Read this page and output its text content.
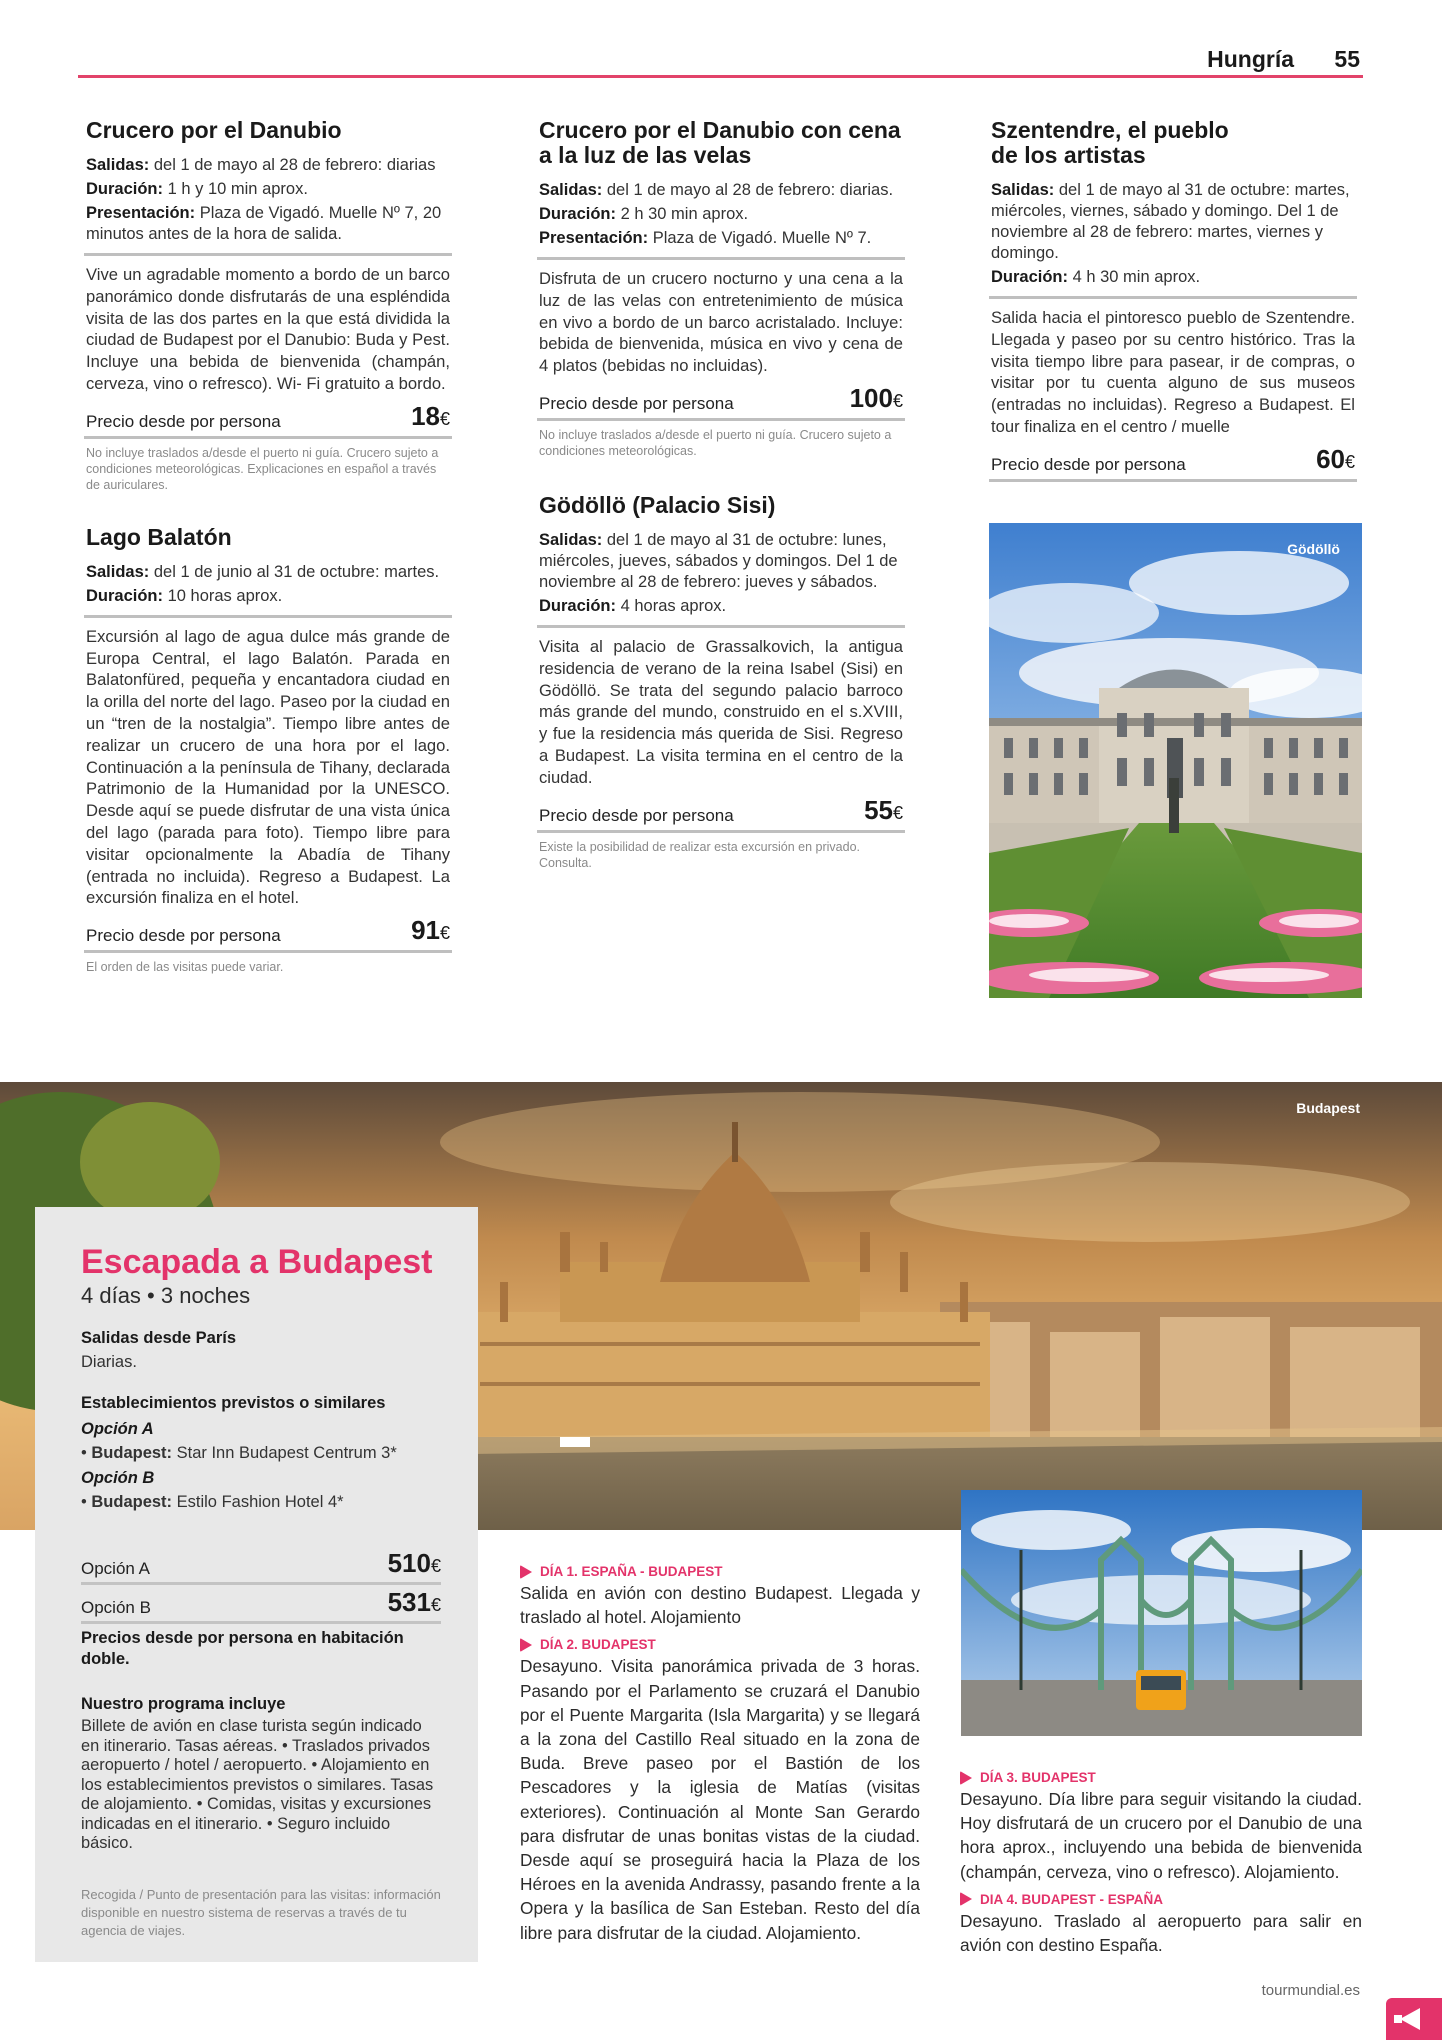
Hungría 55
Crucero por el Danubio
Salidas: del 1 de mayo al 28 de febrero: diarias
Duración: 1 h y 10 min aprox.
Presentación: Plaza de Vigadó. Muelle Nº 7, 20 minutos antes de la hora de salida.
Vive un agradable momento a bordo de un barco panorámico donde disfrutarás de una espléndida visita de las dos partes en la que está dividida la ciudad de Budapest por el Danubio: Buda y Pest. Incluye una bebida de bienvenida (champán, cerveza, vino o refresco). Wi- Fi gratuito a bordo.
Precio desde por persona	18€
No incluye traslados a/desde el puerto ni guía. Crucero sujeto a condiciones meteorológicas. Explicaciones en español a través de auriculares.
Lago Balatón
Salidas: del 1 de junio al 31 de octubre: martes.
Duración: 10 horas aprox.
Excursión al lago de agua dulce más grande de Europa Central, el lago Balatón. Parada en Balatonfüred, pequeña y encantadora ciudad en la orilla del norte del lago. Paseo por la ciudad en un “tren de la nostalgia”. Tiempo libre antes de realizar un crucero de una hora por el lago. Continuación a la península de Tihany, declarada Patrimonio de la Humanidad por la UNESCO. Desde aquí se puede disfrutar de una vista única del lago (parada para foto). Tiempo libre para visitar opcionalmente la Abadía de Tihany (entrada no incluida). Regreso a Budapest. La excursión finaliza en el hotel.
Precio desde por persona	91€
El orden de las visitas puede variar.
Crucero por el Danubio con cena a la luz de las velas
Salidas: del 1 de mayo al 28 de febrero: diarias.
Duración: 2 h 30 min aprox.
Presentación: Plaza de Vigadó. Muelle Nº 7.
Disfruta de un crucero nocturno y una cena a la luz de las velas con entretenimiento de música en vivo a bordo de un barco acristalado. Incluye: bebida de bienvenida, música en vivo y cena de 4 platos (bebidas no incluidas).
Precio desde por persona	100€
No incluye traslados a/desde el puerto ni guía. Crucero sujeto a condiciones meteorológicas.
Gödöllö (Palacio Sisi)
Salidas: del 1 de mayo al 31 de octubre: lunes, miércoles, jueves, sábados y domingos. Del 1 de noviembre al 28 de febrero: jueves y sábados.
Duración: 4 horas aprox.
Visita al palacio de Grassalkovich, la antigua residencia de verano de la reina Isabel (Sisi) en Gödöllö. Se trata del segundo palacio barroco más grande del mundo, construido en el s.XVIII, y fue la residencia más querida de Sisi. Regreso a Budapest. La visita termina en el centro de la ciudad.
Precio desde por persona	55€
Existe la posibilidad de realizar esta excursión en privado. Consulta.
Szentendre, el pueblo de los artistas
Salidas: del 1 de mayo al 31 de octubre: martes, miércoles, viernes, sábado y domingo. Del 1 de noviembre al 28 de febrero: martes, viernes y domingo.
Duración: 4 h 30 min aprox.
Salida hacia el pintoresco pueblo de Szentendre. Llegada y paseo por su centro histórico. Tras la visita tiempo libre para pasear, ir de compras, o visitar por tu cuenta alguno de sus museos (entradas no incluidas). Regreso a Budapest. El tour finaliza en el centro / muelle
Precio desde por persona	60€
Gödöllö
Budapest
Escapada a Budapest
4 días • 3 noches
Salidas desde París
Diarias.
Establecimientos previstos o similares
Opción A
• Budapest: Star Inn Budapest Centrum 3*
Opción B
• Budapest: Estilo Fashion Hotel 4*
Opción A	510€
Opción B	531€
Precios desde por persona en habitación doble.
Nuestro programa incluye
Billete de avión en clase turista según indicado en itinerario. Tasas aéreas. • Traslados privados aeropuerto / hotel / aeropuerto. • Alojamiento en los establecimientos previstos o similares. Tasas de alojamiento. • Comidas, visitas y excursiones indicadas en el itinerario. • Seguro incluido básico.
Recogida / Punto de presentación para las visitas: información disponible en nuestro sistema de reservas a través de tu agencia de viajes.
DÍA 1. ESPAÑA - BUDAPEST
Salida en avión con destino Budapest. Llegada y traslado al hotel. Alojamiento
DÍA 2. BUDAPEST
Desayuno. Visita panorámica privada de 3 horas. Pasando por el Parlamento se cruzará el Danubio por el Puente Margarita (Isla Margarita) y se llegará a la zona del Castillo Real situado en la zona de Buda. Breve paseo por el Bastión de los Pescadores y la iglesia de Matías (visitas exteriores). Continuación al Monte San Gerardo para disfrutar de unas bonitas vistas de la ciudad. Desde aquí se proseguirá hacia la Plaza de los Héroes en la avenida Andrassy, pasando frente a la Opera y la basílica de San Esteban. Resto del día libre para disfrutar de la ciudad. Alojamiento.
DÍA 3. BUDAPEST
Desayuno. Día libre para seguir visitando la ciudad. Hoy disfrutará de un crucero por el Danubio de una hora aprox., incluyendo una bebida de bienvenida (champán, cerveza, vino o refresco). Alojamiento.
DIA 4. BUDAPEST - ESPAÑA
Desayuno. Traslado al aeropuerto para salir en avión con destino España.
tourmundial.es
